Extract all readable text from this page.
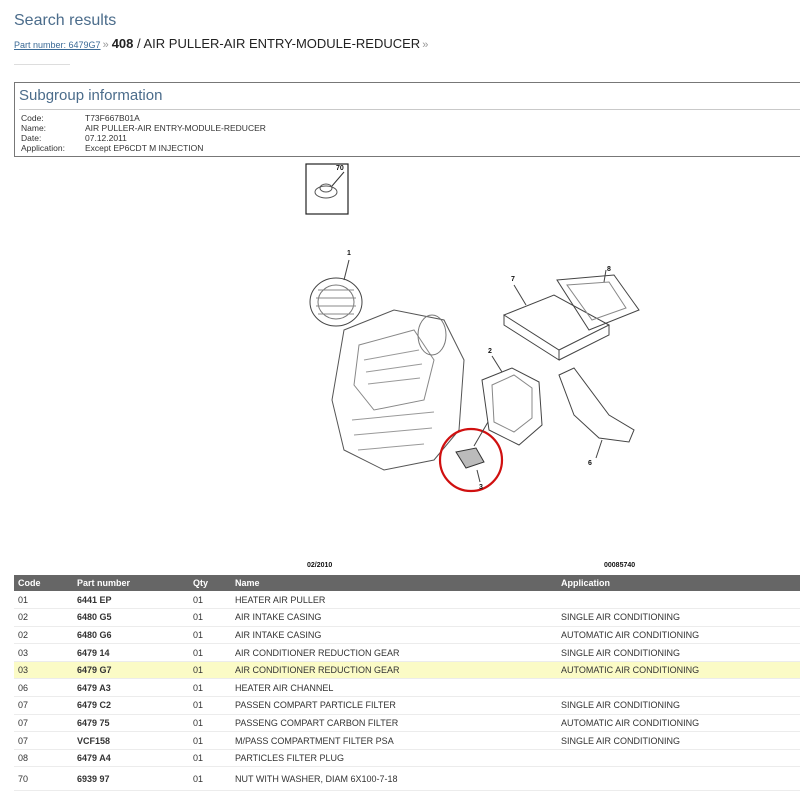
Search results
Part number: 6479G7 » 408 / AIR PULLER-AIR ENTRY-MODULE-REDUCER »
Subgroup information
Code:	T73F667B01A
Name:	AIR PULLER-AIR ENTRY-MODULE-REDUCER
Date:	07.12.2011
Application: Except EP6CDT M INJECTION
70
1
7
8
2
6
3
02/2010	00085740
Code	Part number	Qty	Name	Application
01	6441 EP	01	HEATER AIR PULLER	
02	6480 G5	01	AIR INTAKE CASING	SINGLE AIR CONDITIONING
02	6480 G6	01	AIR INTAKE CASING	AUTOMATIC AIR CONDITIONING
03	6479 14	01	AIR CONDITIONER REDUCTION GEAR	SINGLE AIR CONDITIONING
03	6479 G7	01	AIR CONDITIONER REDUCTION GEAR	AUTOMATIC AIR CONDITIONING
06	6479 A3	01	HEATER AIR CHANNEL	
07	6479 C2	01	PASSEN COMPART PARTICLE FILTER	SINGLE AIR CONDITIONING
07	6479 75	01	PASSENG COMPART CARBON FILTER	AUTOMATIC AIR CONDITIONING
07	VCF158	01	M/PASS COMPARTMENT FILTER PSA	SINGLE AIR CONDITIONING
08	6479 A4	01	PARTICLES FILTER PLUG	
70	6939 97	01	NUT WITH WASHER, DIAM 6X100-7-18	
